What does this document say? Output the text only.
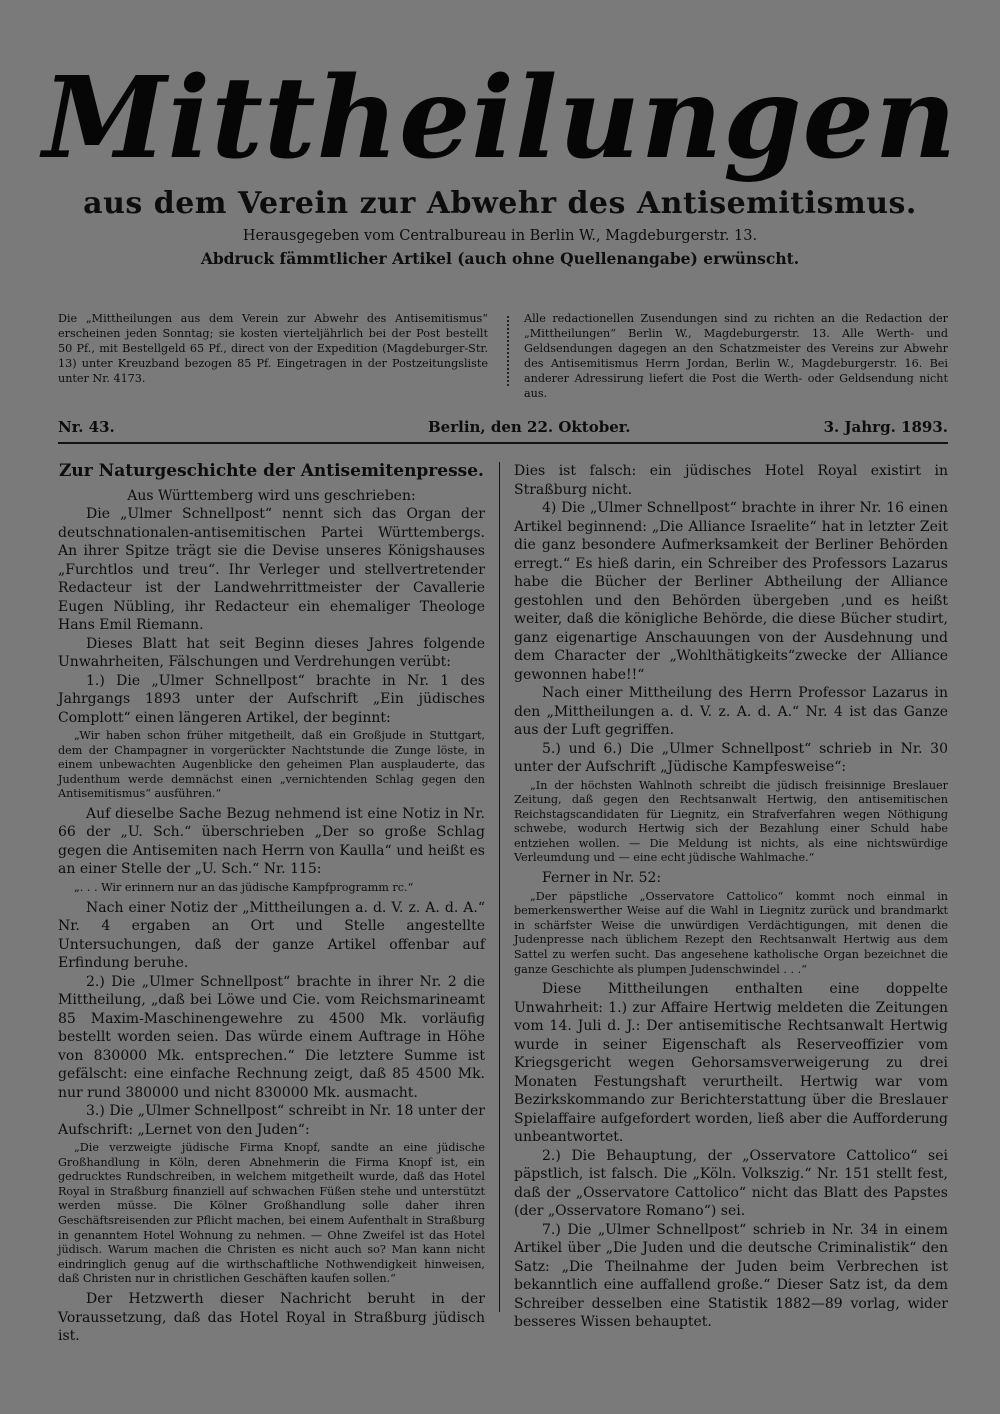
Mittheilungen
aus dem Verein zur Abwehr des Antisemitismus.
Herausgegeben vom Centralbureau in Berlin W., Magdeburgerstr. 13.
Abdruck fämmtlicher Artikel (auch ohne Quellenangabe) erwünscht.
Die „Mittheilungen aus dem Verein zur Abwehr des Antisemitismus“ erscheinen jeden Sonntag; sie kosten vierteljährlich bei der Post bestellt 50 Pf., mit Bestellgeld 65 Pf., direct von der Expedition (Magdeburger-Str. 13) unter Kreuzband bezogen 85 Pf. Eingetragen in der Postzeitungsliste unter Nr. 4173.
Alle redactionellen Zusendungen sind zu richten an die Redaction der „Mittheilungen“ Berlin W., Magdeburgerstr. 13. Alle Werth- und Geldsendungen dagegen an den Schatzmeister des Vereins zur Abwehr des Antisemitismus Herrn Jordan, Berlin W., Magdeburgerstr. 16. Bei anderer Adressirung liefert die Post die Werth- oder Geldsendung nicht aus.
Nr. 43.	Berlin, den 22. Oktober.	3. Jahrg. 1893.
Zur Naturgeschichte der Antisemitenpresse.

Aus Württemberg wird uns geschrieben:

Die „Ulmer Schnellpost“ nennt sich das Organ der deutschnationalen-antisemitischen Partei Württembergs. An ihrer Spitze trägt sie die Devise unseres Königshauses „Furchtlos und treu“. Ihr Verleger und stellvertretender Redacteur ist der Landwehrrittmeister der Cavallerie Eugen Nübling, ihr Redacteur ein ehemaliger Theologe Hans Emil Riemann.

Dieses Blatt hat seit Beginn dieses Jahres folgende Unwahrheiten, Fälschungen und Verdrehungen verübt:

1.) Die „Ulmer Schnellpost“ brachte in Nr. 1 des Jahrgangs 1893 unter der Aufschrift „Ein jüdisches Complott“ einen längeren Artikel, der beginnt:

„Wir haben schon früher mitgetheilt, daß ein Großjude in Stuttgart, dem der Champagner in vorgerückter Nachtstunde die Zunge löste, in einem unbewachten Augenblicke den geheimen Plan ausplauderte, das Judenthum werde demnächst einen „vernichtenden Schlag gegen den Antisemitismus“ ausführen.“

Auf dieselbe Sache Bezug nehmend ist eine Notiz in Nr. 66 der „U. Sch.“ überschrieben „Der so große Schlag gegen die Antisemiten nach Herrn von Kaulla“ und heißt es an einer Stelle der „U. Sch.“ Nr. 115:

„. . . Wir erinnern nur an das jüdische Kampfprogramm rc.“

Nach einer Notiz der „Mittheilungen a. d. V. z. A. d. A.“ Nr. 4 ergaben an Ort und Stelle angestellte Untersuchungen, daß der ganze Artikel offenbar auf Erfindung beruhe.

2.) Die „Ulmer Schnellpost“ brachte in ihrer Nr. 2 die Mittheilung, „daß bei Löwe und Cie. vom Reichsmarineamt 85 Maxim-Maschinengewehre zu 4500 Mk. vorläufig bestellt worden seien. Das würde einem Auftrage in Höhe von 830000 Mk. entsprechen.“ Die letztere Summe ist gefälscht: eine einfache Rechnung zeigt, daß 85 4500 Mk. nur rund 380000 und nicht 830000 Mk. ausmacht.

3.) Die „Ulmer Schnellpost“ schreibt in Nr. 18 unter der Aufschrift: „Lernet von den Juden“:

„Die verzweigte jüdische Firma Knopf, sandte an eine jüdische Großhandlung in Köln, deren Abnehmerin die Firma Knopf ist, ein gedrucktes Rundschreiben, in welchem mitgetheilt wurde, daß das Hotel Royal in Straßburg finanziell auf schwachen Füßen stehe und unterstützt werden müsse. Die Kölner Großhandlung solle daher ihren Geschäftsreisenden zur Pflicht machen, bei einem Aufenthalt in Straßburg in genanntem Hotel Wohnung zu nehmen. — Ohne Zweifel ist das Hotel jüdisch. Warum machen die Christen es nicht auch so? Man kann nicht eindringlich genug auf die wirthschaftliche Nothwendigkeit hinweisen, daß Christen nur in christlichen Geschäften kaufen sollen.“

Der Hetzwerth dieser Nachricht beruht in der Voraussetzung, daß das Hotel Royal in Straßburg jüdisch ist.

Dies ist falsch: ein jüdisches Hotel Royal existirt in Straßburg nicht.

4) Die „Ulmer Schnellpost“ brachte in ihrer Nr. 16 einen Artikel beginnend: „Die Alliance Israelite“ hat in letzter Zeit die ganz besondere Aufmerksamkeit der Berliner Behörden erregt.“ Es hieß darin, ein Schreiber des Professors Lazarus habe die Bücher der Berliner Abtheilung der Alliance gestohlen und den Behörden übergeben ‚und es heißt weiter, daß die königliche Behörde, die diese Bücher studirt, ganz eigenartige Anschauungen von der Ausdehnung und dem Character der „Wohlthätigkeits“zwecke der Alliance gewonnen habe!!“

Nach einer Mittheilung des Herrn Professor Lazarus in den „Mittheilungen a. d. V. z. A. d. A.“ Nr. 4 ist das Ganze aus der Luft gegriffen.

5.) und 6.) Die „Ulmer Schnellpost“ schrieb in Nr. 30 unter der Aufschrift „Jüdische Kampfesweise“:

„In der höchsten Wahlnoth schreibt die jüdisch freisinnige Breslauer Zeitung, daß gegen den Rechtsanwalt Hertwig, den antisemitischen Reichstagscandidaten für Liegnitz, ein Strafverfahren wegen Nöthigung schwebe, wodurch Hertwig sich der Bezahlung einer Schuld habe entziehen wollen. — Die Meldung ist nichts, als eine nichtswürdige Verleumdung und — eine echt jüdische Wahlmache.“

Ferner in Nr. 52:

„Der päpstliche „Osservatore Cattolico“ kommt noch einmal in bemerkenswerther Weise auf die Wahl in Liegnitz zurück und brandmarkt in schärfster Weise die unwürdigen Verdächtigungen, mit denen die Judenpresse nach üblichem Rezept den Rechtsanwalt Hertwig aus dem Sattel zu werfen sucht. Das angesehene katholische Organ bezeichnet die ganze Geschichte als plumpen Judenschwindel . . .“

Diese Mittheilungen enthalten eine doppelte Unwahrheit: 1.) zur Affaire Hertwig meldeten die Zeitungen vom 14. Juli d. J.: Der antisemitische Rechtsanwalt Hertwig wurde in seiner Eigenschaft als Reserveoffizier vom Kriegsgericht wegen Gehorsamsverweigerung zu drei Monaten Festungshaft verurtheilt. Hertwig war vom Bezirkskommando zur Berichterstattung über die Breslauer Spielaffaire aufgefordert worden, ließ aber die Aufforderung unbeantwortet.

2.) Die Behauptung, der „Osservatore Cattolico“ sei päpstlich, ist falsch. Die „Köln. Volkszig.“ Nr. 151 stellt fest, daß der „Osservatore Cattolico“ nicht das Blatt des Papstes (der „Osservatore Romano“) sei.

7.) Die „Ulmer Schnellpost“ schrieb in Nr. 34 in einem Artikel über „Die Juden und die deutsche Criminalistik“ den Satz: „Die Theilnahme der Juden beim Verbrechen ist bekanntlich eine auffallend große.“ Dieser Satz ist, da dem Schreiber desselben eine Statistik 1882—89 vorlag, wider besseres Wissen behauptet.
